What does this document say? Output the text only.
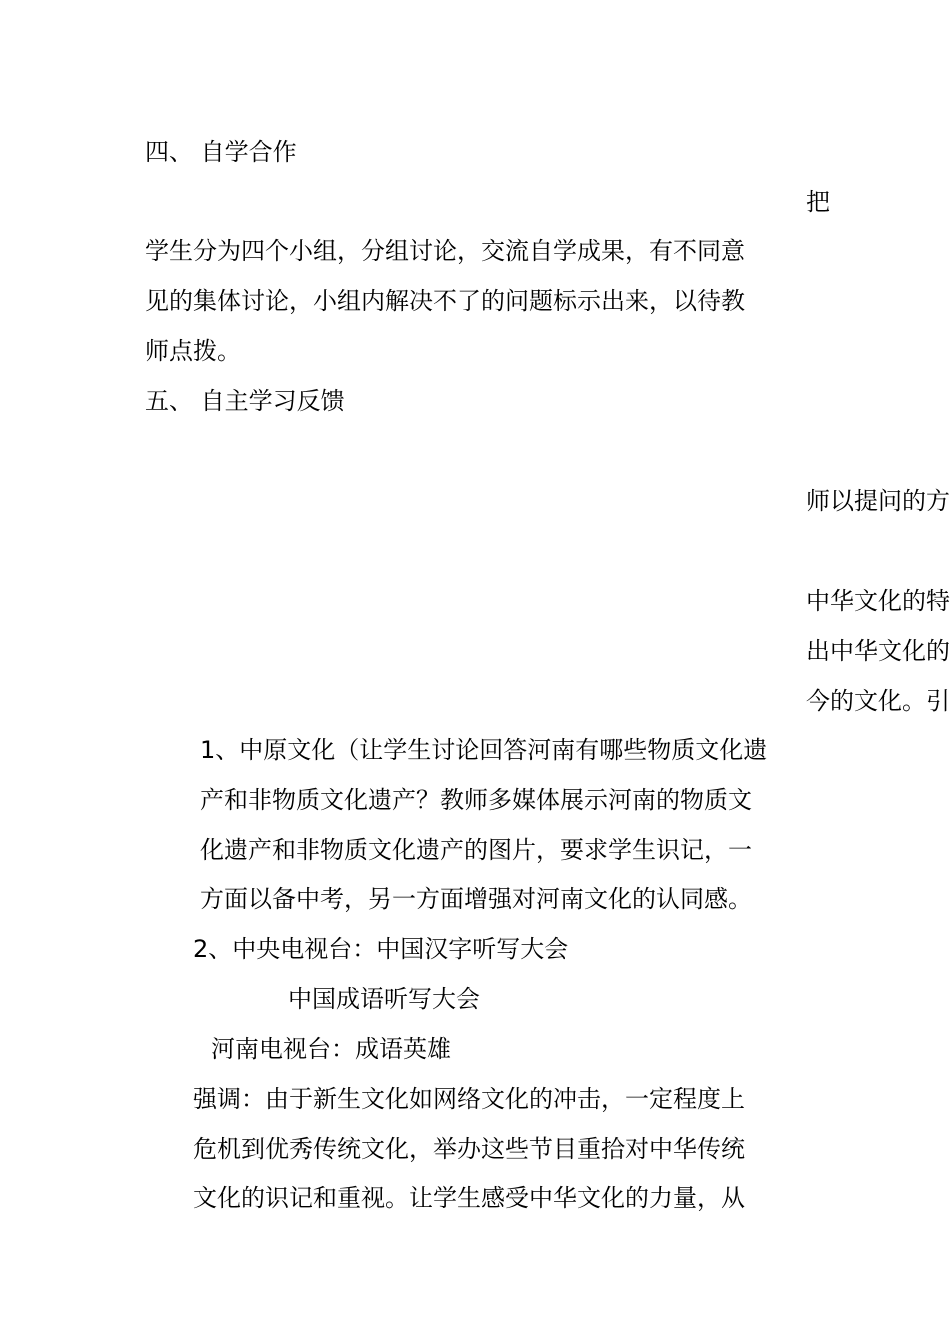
四、 自学合作

把

学生分为四个小组，分组讨论，交流自学成果，有不同意

见的集体讨论，小组内解决不了的问题标示出来，以待教

师点拨。

五、 自主学习反馈

师以提问的方

中华文化的特

出中华文化的

今的文化。引

1、中原文化（让学生讨论回答河南有哪些物质文化遗

产和非物质文化遗产？教师多媒体展示河南的物质文

化遗产和非物质文化遗产的图片，要求学生识记，一

方面以备中考，另一方面增强对河南文化的认同感。

2、中央电视台：中国汉字听写大会

中国成语听写大会

河南电视台：成语英雄

强调：由于新生文化如网络文化的冲击，一定程度上

危机到优秀传统文化，举办这些节目重拾对中华传统

文化的识记和重视。让学生感受中华文化的力量，从
